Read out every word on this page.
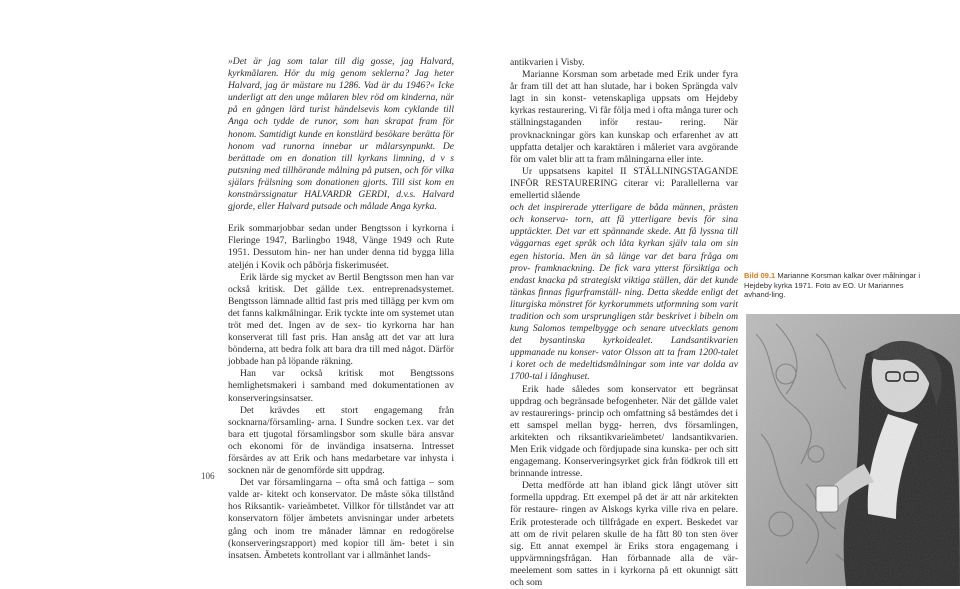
»Det är jag som talar till dig gosse, jag Halvard, kyrkmålaren. Hör du mig genom seklerna? Jag heter Halvard, jag är mästare nu 1286. Vad är du 1946?« Icke underligt att den unge målaren blev röd om kinderna, när på en gången lärd turist händelsevis kom cyklande till Anga och tydde de runor, som han skrapat fram för honom. Samtidigt kunde en konstlärd besökare berätta för honom vad runorna innebar ur målarsynpunkt. De berättade om en donation till kyrkans limning, d v s putsning med tillhörande målning på putsen, och för vilka själars frälsning som donationen gjorts. Till sist kom en konstnärssignatur HALVARDR GERDI, d.v.s. Halvard gjorde, eller Halvard putsade och målade Anga kyrka.

Erik sommarjobbar sedan under Bengtsson i kyrkorna i Fleringe 1947, Barlingbo 1948, Vänge 1949 och Rute 1951. Dessutom hin- ner han under denna tid bygga lilla ateljén i Kovik och påbörja fiskerimuséet.

Erik lärde sig mycket av Bertil Bengtsson men han var också kritisk. Det gällde t.ex. entreprenadsystemet. Bengtsson lämnade alltid fast pris med tillägg per kvm om det fanns kalkmålningar. Erik tyckte inte om systemet utan tröt med det. Ingen av de sex- tio kyrkorna har han konserverat till fast pris. Han ansåg att det var att lura bönderna, att bedra folk att bara dra till med något. Därför jobbade han på löpande räkning.

Han var också kritisk mot Bengtssons hemlighetsmakeri i samband med dokumentationen av konserveringsinsatser.

Det krävdes ett stort engagemang från socknarna/församling- arna. I Sundre socken t.ex. var det bara ett tjugotal församlingsbor som skulle bära ansvar och ekonomi för de invändiga insatserna. Intresset försärdes av att Erik och hans medarbetare var inhysta i socknen när de genomförde sitt uppdrag.

Det var församlingarna – ofta små och fattiga – som valde ar- kitekt och konservator. De måste söka tillstånd hos Riksantik- varieämbetet. Villkor för tillståndet var att konservatorn följer ämbetets anvisningar under arbetets gång och inom tre månader lämnar en redogörelse (konserveringsrapport) med kopior till äm- betet i sin insatsen. Ämbetets kontrollant var i allmänhet lands-

106

antikvarien i Visby.

Marianne Korsman som arbetade med Erik under fyra år fram till det att han slutade, har i boken Sprängda valv lagt in sin konst- vetenskapliga uppsats om Hejdeby kyrkas restaurering. Vi får följa med i ofta många turer och ställningstaganden inför restau- rering. När provknackningar görs kan kunskap och erfarenhet av att uppfatta detaljer och karaktären i måleriet vara avgörande för om valet blir att ta fram målningarna eller inte.

Ur uppsatsens kapitel II STÄLLNINGSTAGANDE INFÖR RESTAURERING citerar vi: Parallellerna var emellertid slående

och det inspirerade ytterligare de båda männen, prästen och konserva- torn, att få ytterligare bevis för sina upptäckter. Det var ett spännande skede. Att få lyssna till väggarnas eget språk och låta kyrkan själv tala om sin egen historia. Men än så länge var det bara fråga om prov- framknackning. De fick vara ytterst försiktiga och endast knacka på strategiskt viktiga ställen, där det kunde tänkas finnas figurframställ- ning. Detta skedde enligt det liturgiska mönstret för kyrkorummets utformning som varit tradition och som ursprungligen står beskrivet i bibeln om kung Salomos tempelbygge och senare utvecklats genom det bysantinska kyrkoidealet. Landsantikvarien uppmanade nu konser- vator Olsson att ta fram 1200-talet i koret och de medeltidsmålningar som inte var dolda av 1700-tal i långhuset.

Erik hade således som konservator ett begränsat uppdrag och begränsade befogenheter. När det gällde valet av restaurerings- princip och omfattning så bestämdes det i ett samspel mellan bygg- herren, dvs församlingen, arkitekten och riksantikvarieämbetet/ landsantikvarien. Men Erik vidgade och fördjupade sina kunska- per och sitt engagemang. Konserveringsyrket gick från födkrok till ett brinnande intresse.

Detta medförde att han ibland gick långt utöver sitt formella uppdrag. Ett exempel på det är att när arkitekten för restaure- ringen av Alskogs kyrka ville riva en pelare. Erik protesterade och tillfrågade en expert. Beskedet var att om de rivit pelaren skulle de ha fått 80 ton sten över sig. Ett annat exempel är Eriks stora engagemang i uppvärmningsfrågan. Han förbannade alla de vär- meelement som sattes in i kyrkorna på ett okunnigt sätt och som

Bild 09.1 Marianne Korsman kalkar över målningar i Hejdeby kyrka 1971. Foto av EO. Ur Mariannes avhand-ling.
